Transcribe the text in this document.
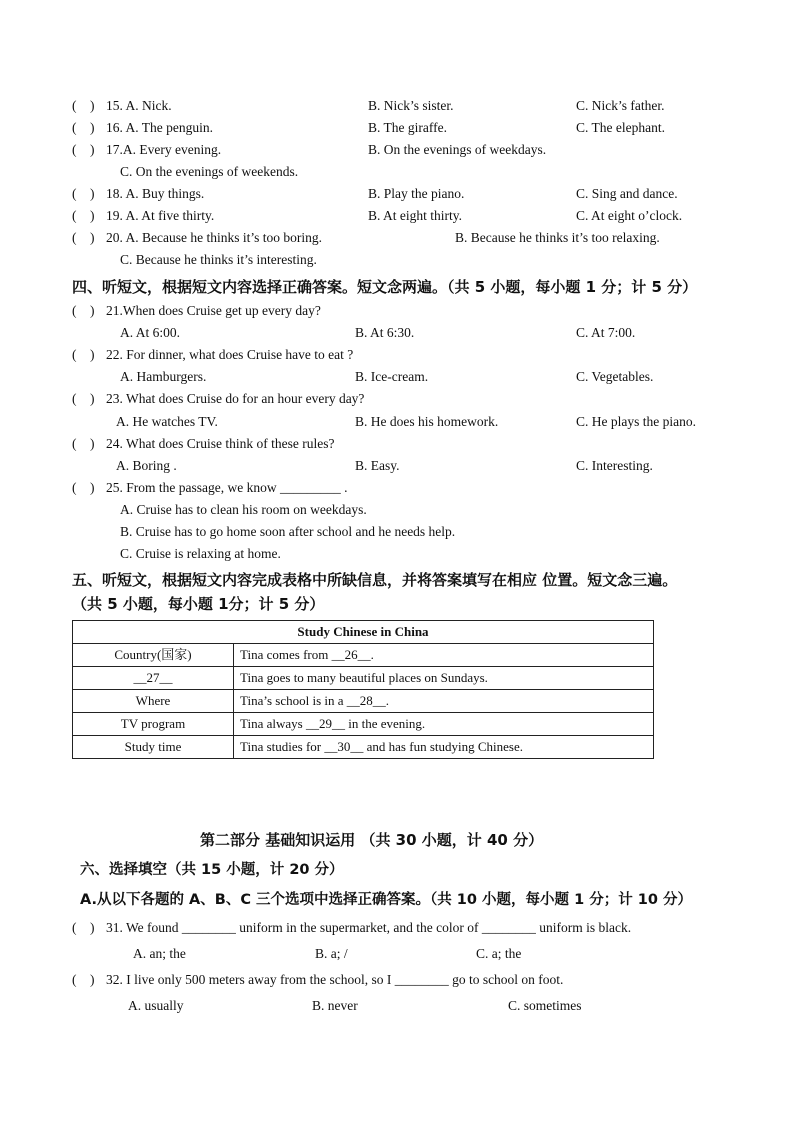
(    ) 15. A. Nick.	B. Nick’s sister.	C. Nick’s father.
(    ) 16. A. The penguin.	B. The giraffe.	C. The elephant.
(    ) 17.A. Every evening.	B. On the evenings of weekdays.
C. On the evenings of weekends.
(    ) 18. A. Buy things.	B. Play the piano.	C. Sing and dance.
(    ) 19. A. At five thirty.	B. At eight thirty.	C. At eight o’clock.
(    ) 20. A. Because he thinks it’s too boring.	B. Because he thinks it’s too relaxing.
C. Because he thinks it’s interesting.
四、听短文，根据短文内容选择正确答案。短文念两遍。（共 5 小题，每小题 1 分；计 5 分）
(    ) 21.When does Cruise get up every day?
A. At 6:00.	B. At 6:30.	C. At 7:00.
(    ) 22. For dinner, what does Cruise have to eat ?
A. Hamburgers.	B. Ice-cream.	C. Vegetables.
(    ) 23. What does Cruise do for an hour every day?
A. He watches TV.	B. He does his homework.	C. He plays the piano.
(    ) 24. What does Cruise think of these rules?
A. Boring .	B. Easy.	C. Interesting.
(    ) 25. From the passage, we know _________ .
A. Cruise has to clean his room on weekdays.
B. Cruise has to go home soon after school and he needs help.
C. Cruise is relaxing at home.
五、听短文，根据短文内容完成表格中所缺信息，并将答案填写在相应 位置。短文念三遍。
（共 5 小题，每小题 1分；计 5 分）
Study Chinese in China	
Country(国家)	Tina comes from __26__.
__27__	Tina goes to many beautiful places on Sundays.
Where	Tina’s school is in a __28__.
TV program	Tina always __29__ in the evening.
Study time	Tina studies for __30__ and has fun studying Chinese.
第二部分 基础知识运用 （共 30 小题，计 40 分）
六、选择填空（共 15 小题，计 20 分）
A.从以下各题的 A、B、C 三个选项中选择正确答案。（共 10 小题，每小题 1 分；计 10 分）
(    ) 31. We found ________ uniform in the supermarket, and the color of ________ uniform is black.
A. an; the	B. a; /	C. a; the
(    ) 32. I live only 500 meters away from the school, so I ________ go to school on foot.
A. usually	B. never	C. sometimes
